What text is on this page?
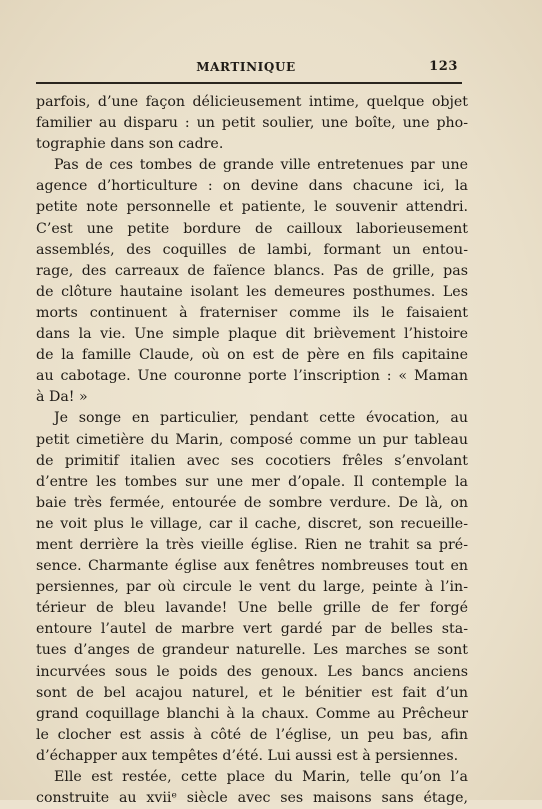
MARTINIQUE	123
parfois, d’une façon délicieusement intime, quelque objet
familier au disparu : un petit soulier, une boîte, une pho-
tographie dans son cadre.
Pas de ces tombes de grande ville entretenues par une
agence d’horticulture : on devine dans chacune ici, la
petite note personnelle et patiente, le souvenir attendri.
C’est une petite bordure de cailloux laborieusement
assemblés, des coquilles de lambi, formant un entou-
rage, des carreaux de faïence blancs. Pas de grille, pas
de clôture hautaine isolant les demeures posthumes. Les
morts continuent à fraterniser comme ils le faisaient
dans la vie. Une simple plaque dit brièvement l’histoire
de la famille Claude, où on est de père en fils capitaine
au cabotage. Une couronne porte l’inscription : « Maman
à Da! »
Je songe en particulier, pendant cette évocation, au
petit cimetière du Marin, composé comme un pur tableau
de primitif italien avec ses cocotiers frêles s’envolant
d’entre les tombes sur une mer d’opale. Il contemple la
baie très fermée, entourée de sombre verdure. De là, on
ne voit plus le village, car il cache, discret, son recueille-
ment derrière la très vieille église. Rien ne trahit sa pré-
sence. Charmante église aux fenêtres nombreuses tout en
persiennes, par où circule le vent du large, peinte à l’in-
térieur de bleu lavande! Une belle grille de fer forgé
entoure l’autel de marbre vert gardé par de belles sta-
tues d’anges de grandeur naturelle. Les marches se sont
incurvées sous le poids des genoux. Les bancs anciens
sont de bel acajou naturel, et le bénitier est fait d’un
grand coquillage blanchi à la chaux. Comme au Prêcheur
le clocher est assis à côté de l’église, un peu bas, afin
d’échapper aux tempêtes d’été. Lui aussi est à persiennes.
Elle est restée, cette place du Marin, telle qu’on l’a
construite au xviiᵉ siècle avec ses maisons sans étage,
